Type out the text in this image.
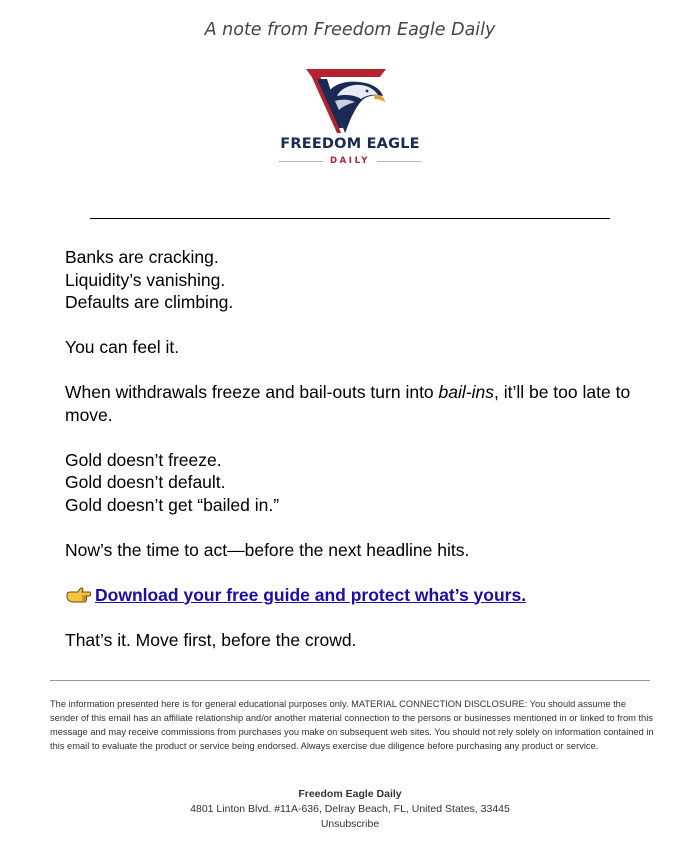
A note from Freedom Eagle Daily
FREEDOM EAGLE
DAILY

Banks are cracking.
Liquidity’s vanishing.
Defaults are climbing.

You can feel it.

When withdrawals freeze and bail-outs turn into bail-ins, it’ll be too late to move.

Gold doesn’t freeze.
Gold doesn’t default.
Gold doesn’t get “bailed in.”

Now’s the time to act—before the next headline hits.

Download your free guide and protect what’s yours.

That’s it. Move first, before the crowd.

The information presented here is for general educational purposes only. MATERIAL CONNECTION DISCLOSURE: You should assume the sender of this email has an affiliate relationship and/or another material connection to the persons or businesses mentioned in or linked to from this message and may receive commissions from purchases you make on subsequent web sites. You should not rely solely on information contained in this email to evaluate the product or service being endorsed. Always exercise due diligence before purchasing any product or service.
Freedom Eagle Daily
4801 Linton Blvd. #11A-636, Delray Beach, FL, United States, 33445
Unsubscribe
